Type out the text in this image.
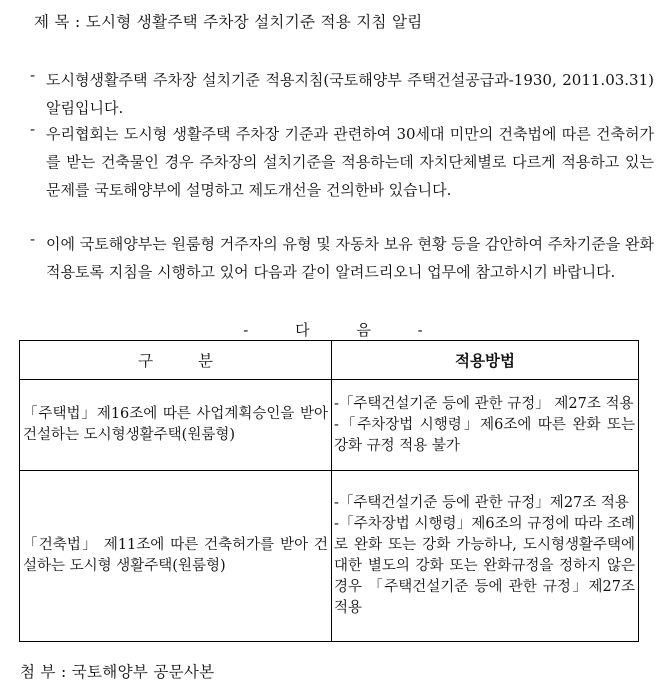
제 목 : 도시형 생활주택 주차장 설치기준 적용 지침 알림
- 도시형생활주택 주차장 설치기준 적용지침(국토해양부 주택건설공급과-1930, 2011.03.31) 알림입니다.
- 우리협회는 도시형 생활주택 주차장 기준과 관련하여 30세대 미만의 건축법에 따른 건축허가를 받는 건축물인 경우 주차장의 설치기준을 적용하는데 자치단체별로 다르게 적용하고 있는 문제를 국토해양부에 설명하고 제도개선을 건의한바 있습니다.
- 이에 국토해양부는 원룸형 거주자의 유형 및 자동차 보유 현황 등을 감안하여 주차기준을 완화적용토록 지침을 시행하고 있어 다음과 같이 알려드리오니 업무에 참고하시기 바랍니다.
- 다 음 -
구 분	적용방법
「주택법」제16조에 따른 사업계획승인을 받아 건설하는 도시형생활주택(원룸형)	-「주택건설기준 등에 관한 규정」 제27조 적용
-「주차장법 시행령」제6조에 따른 완화 또는 강화 규정 적용 불가

「건축법」 제11조에 따른 건축허가를 받아 건설하는 도시형 생활주택(원룸형)	-「주택건설기준 등에 관한 규정」제27조 적용
-「주차장법 시행령」제6조의 규정에 따라 조례로 완화 또는 강화 가능하나, 도시형생활주택에 대한 별도의 강화 또는 완화규정을 정하지 않은 경우 「주택건설기준 등에 관한 규정」제27조 적용
첨 부 : 국토해양부 공문사본
